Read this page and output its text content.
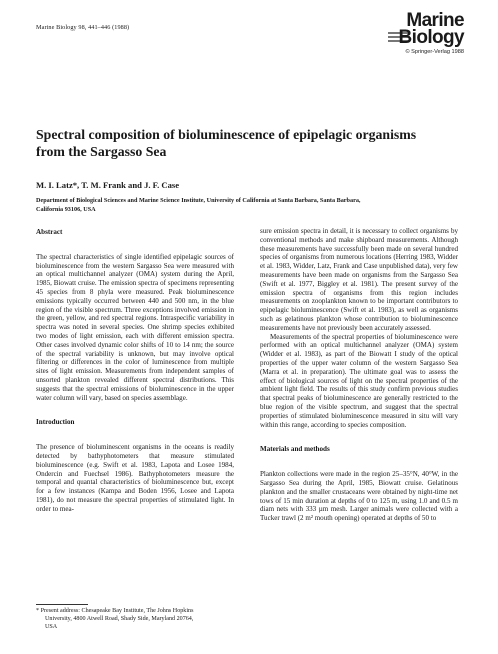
Marine Biology 98, 441–446 (1988)	Marine
Biology
© Springer-Verlag 1988
Spectral composition of bioluminescence of epipelagic organisms
from the Sargasso Sea
M. I. Latz*, T. M. Frank and J. F. Case
Department of Biological Sciences and Marine Science Institute, University of California at Santa Barbara, Santa Barbara,
California 93106, USA

Abstract

The spectral characteristics of single identified epipelagic sources of bioluminescence from the western Sargasso Sea were measured with an optical multichannel analyzer (OMA) system during the April, 1985, Biowatt cruise. The emission spectra of specimens representing 45 species from 8 phyla were measured. Peak bioluminescence emissions typically occurred between 440 and 500 nm, in the blue region of the visible spectrum. Three exceptions involved emission in the green, yellow, and red spectral regions. Intraspecific variability in spectra was noted in several species. One shrimp species exhibited two modes of light emission, each with different emission spectra. Other cases involved dynamic color shifts of 10 to 14 nm; the source of the spectral variability is unknown, but may involve optical filtering or differences in the color of luminescence from multiple sites of light emission. Measurements from independent samples of unsorted plankton revealed different spectral distributions. This suggests that the spectral emissions of bioluminescence in the upper water column will vary, based on species assemblage.

Introduction

The presence of bioluminescent organisms in the oceans is readily detected by bathyphotometers that measure stimulated bioluminescence (e.g. Swift et al. 1983, Lapota and Losee 1984, Ondercin and Fuechsel 1986). Bathyphotometers measure the temporal and quantal characteristics of bioluminescence but, except for a few instances (Kampa and Boden 1956, Losee and Lapota 1981), do not measure the spectral properties of stimulated light. In order to mea-

* Present address: Chesapeake Bay Institute, The Johns Hopkins
University, 4800 Atwell Road, Shady Side, Maryland 20764,
USA

sure emission spectra in detail, it is necessary to collect organisms by conventional methods and make shipboard measurements. Although these measurements have successfully been made on several hundred species of organisms from numerous locations (Herring 1983, Widder et al. 1983, Widder, Latz, Frank and Case unpublished data), very few measurements have been made on organisms from the Sargasso Sea (Swift et al. 1977, Biggley et al. 1981). The present survey of the emission spectra of organisms from this region includes measurements on zooplankton known to be important contributors to epipelagic bioluminescence (Swift et al. 1983), as well as organisms such as gelatinous plankton whose contribution to bioluminescence measurements have not previously been accurately assessed.

Measurements of the spectral properties of bioluminescence were performed with an optical multichannel analyzer (OMA) system (Widder et al. 1983), as part of the Biowatt I study of the optical properties of the upper water column of the western Sargasso Sea (Marra et al. in preparation). The ultimate goal was to assess the effect of biological sources of light on the spectral properties of the ambient light field. The results of this study confirm previous studies that spectral peaks of bioluminescence are generally restricted to the blue region of the visible spectrum, and suggest that the spectral properties of stimulated bioluminescence measured in situ will vary within this range, according to species composition.

Materials and methods

Plankton collections were made in the region 25–35°N, 40°W, in the Sargasso Sea during the April, 1985, Biowatt cruise. Gelatinous plankton and the smaller crustaceans were obtained by night-time net tows of 15 min duration at depths of 0 to 125 m, using 1.0 and 0.5 m diam nets with 333 µm mesh. Larger animals were collected with a Tucker trawl (2 m² mouth opening) operated at depths of 50 to
